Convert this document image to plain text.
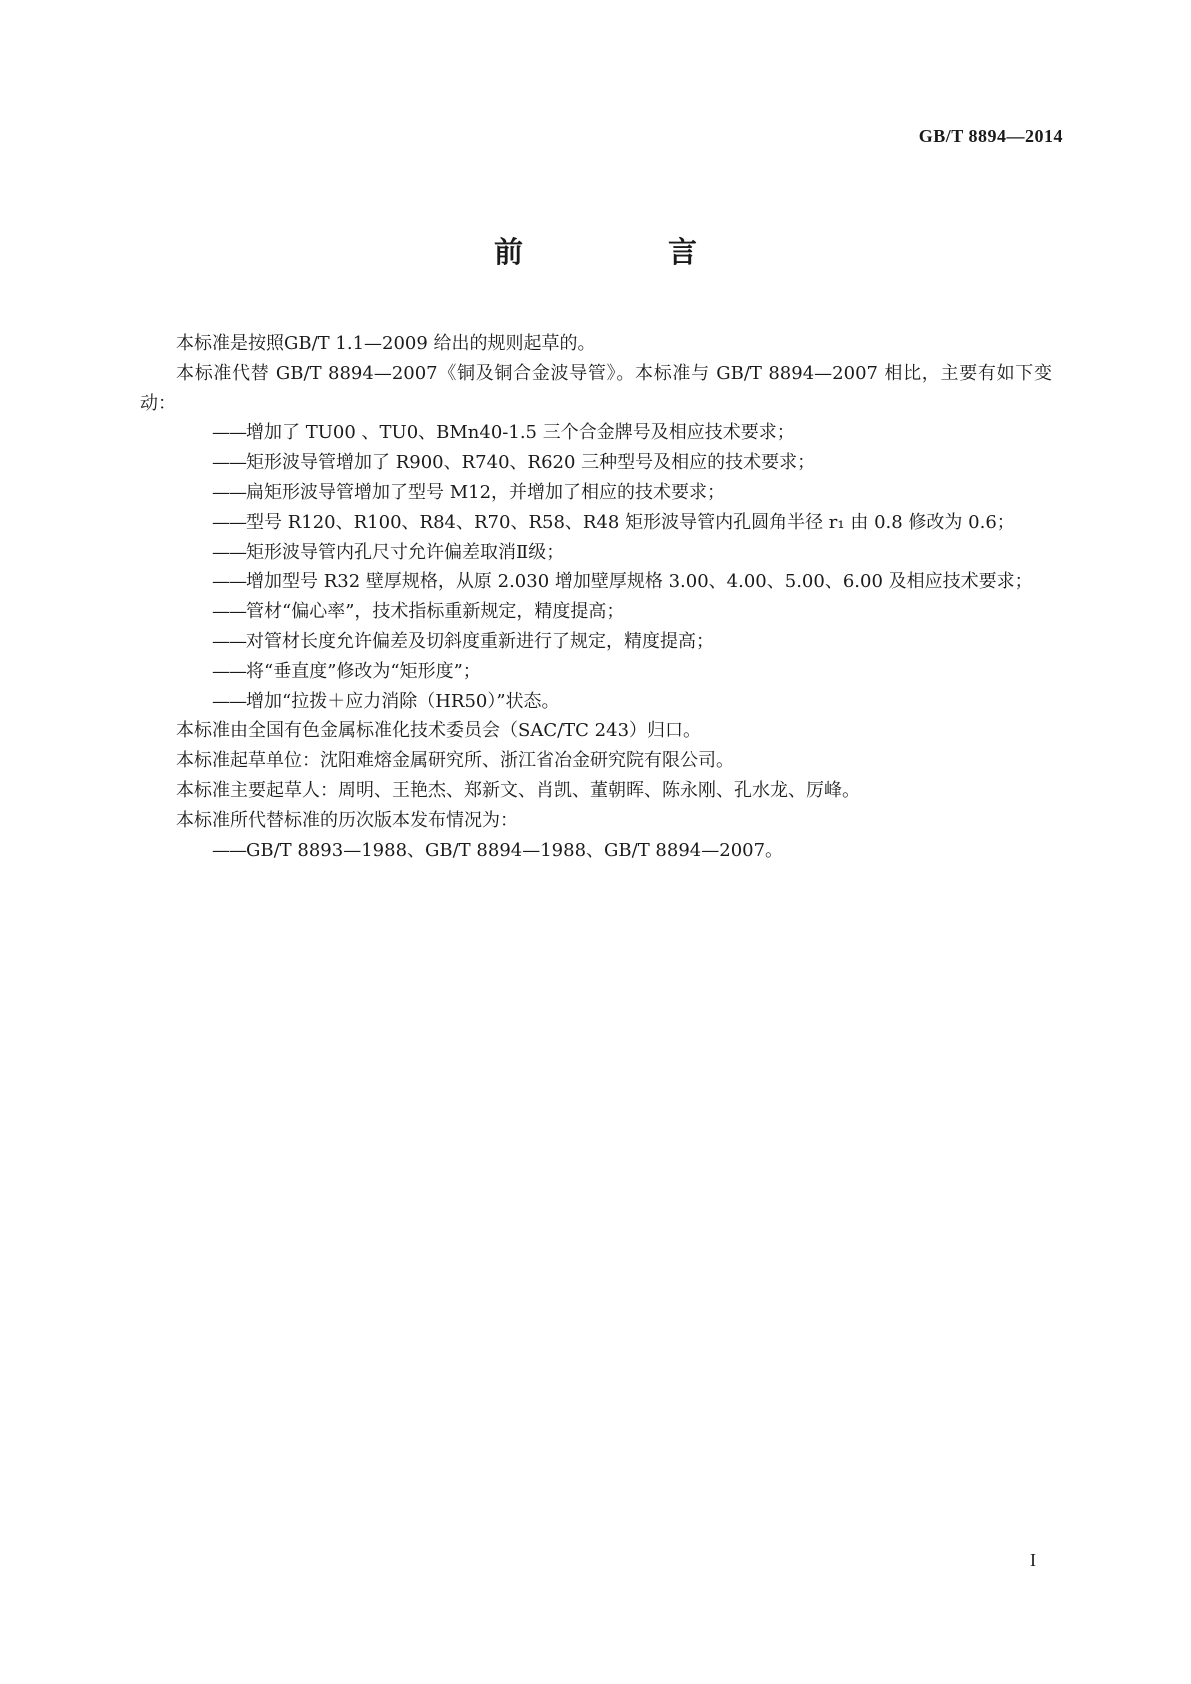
GB/T 8894—2014
前　言

本标准是按照GB/T 1.1—2009 给出的规则起草的。

本标准代替 GB/T 8894—2007《铜及铜合金波导管》。本标准与 GB/T 8894—2007 相比，主要有如下变动：

——增加了 TU00 、TU0、BMn40-1.5 三个合金牌号及相应技术要求；

——矩形波导管增加了 R900、R740、R620 三种型号及相应的技术要求；

——扁矩形波导管增加了型号 M12，并增加了相应的技术要求；

——型号 R120、R100、R84、R70、R58、R48 矩形波导管内孔圆角半径 r₁ 由 0.8 修改为 0.6；

——矩形波导管内孔尺寸允许偏差取消Ⅱ级；

——增加型号 R32 壁厚规格，从原 2.030 增加壁厚规格 3.00、4.00、5.00、6.00 及相应技术要求；

——管材“偏心率”，技术指标重新规定，精度提高；

——对管材长度允许偏差及切斜度重新进行了规定，精度提高；

——将“垂直度”修改为“矩形度”；

——增加“拉拨＋应力消除（HR50）”状态。

本标准由全国有色金属标准化技术委员会（SAC/TC 243）归口。

本标准起草单位：沈阳难熔金属研究所、浙江省冶金研究院有限公司。

本标准主要起草人：周明、王艳杰、郑新文、肖凯、董朝晖、陈永刚、孔水龙、厉峰。

本标准所代替标准的历次版本发布情况为：

——GB/T 8893—1988、GB/T 8894—1988、GB/T 8894—2007。

I
